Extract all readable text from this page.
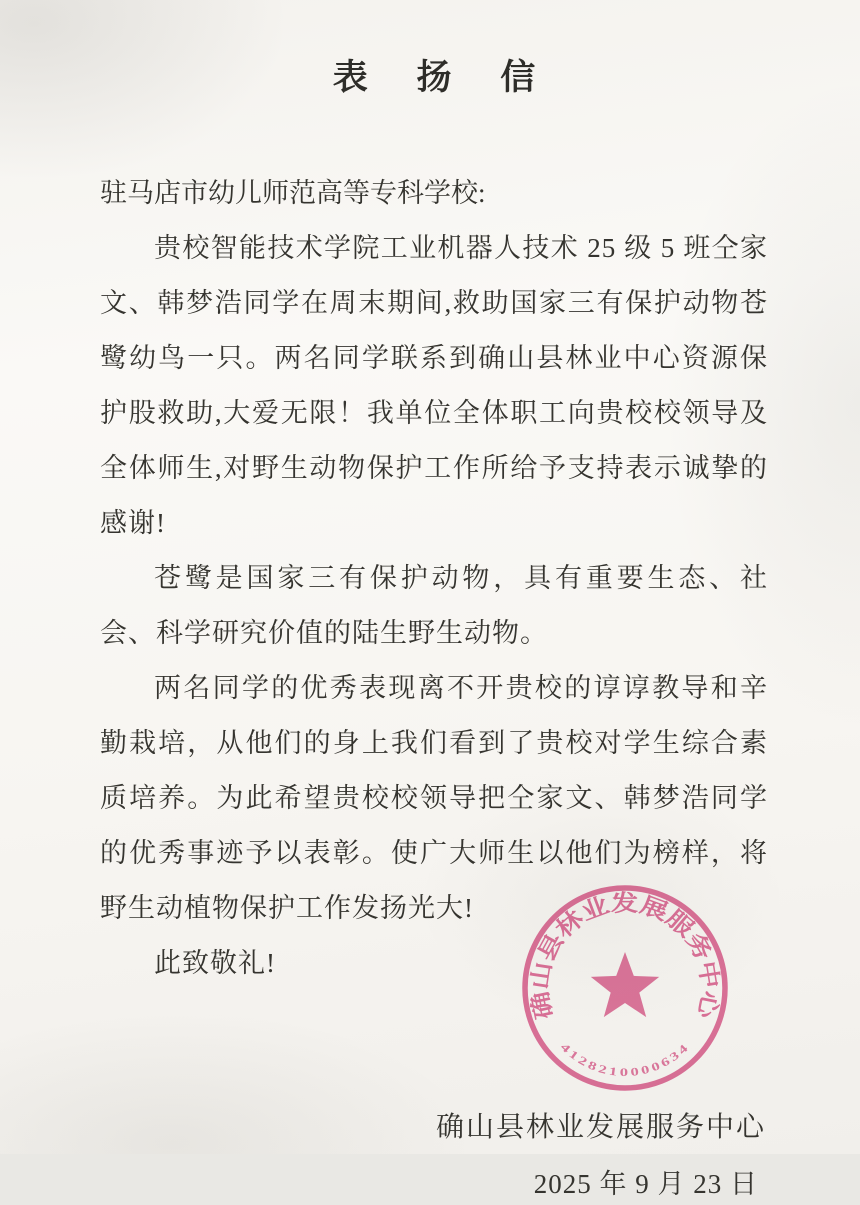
表 扬 信

驻马店市幼儿师范高等专科学校:

贵校智能技术学院工业机器人技术 25 级 5 班仝家文、韩梦浩同学在周末期间,救助国家三有保护动物苍鹭幼鸟一只。两名同学联系到确山县林业中心资源保护股救助,大爱无限！我单位全体职工向贵校校领导及全体师生,对野生动物保护工作所给予支持表示诚挚的感谢!

苍鹭是国家三有保护动物，具有重要生态、社会、科学研究价值的陆生野生动物。

两名同学的优秀表现离不开贵校的谆谆教导和辛勤栽培，从他们的身上我们看到了贵校对学生综合素质培养。为此希望贵校校领导把仝家文、韩梦浩同学的优秀事迹予以表彰。使广大师生以他们为榜样，将野生动植物保护工作发扬光大!

此致敬礼!

确山县林业发展服务中心
2025 年 9 月 23 日
确山县林业发展服务中心
4128210000634
